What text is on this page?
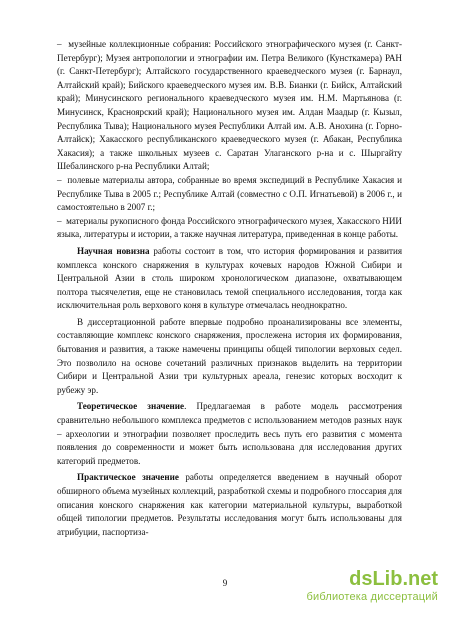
–  музейные коллекционные собрания: Российского этнографического музея (г. Санкт-Петербург); Музея антропологии и этнографии им. Петра Великого (Кунсткамера) РАН (г. Санкт-Петербург); Алтайского государственного краеведческого музея (г. Барнаул, Алтайский край); Бийского краеведческого музея им. В.В. Бианки (г. Бийск, Алтайский край); Минусинского регионального краеведческого музея им. Н.М. Мартьянова (г. Минусинск, Красноярский край); Национального музея им. Алдан Маадыр (г. Кызыл, Республика Тыва); Национального музея Республики Алтай им. А.В. Анохина (г. Горно-Алтайск); Хакасского республиканского краеведческого музея (г. Абакан, Республика Хакасия); а также школьных музеев с. Саратан Улаганского р-на и с. Шыргайту Шебалинского р-на Республики Алтай;

–  полевые материалы автора, собранные во время экспедиций в Республике Хакасия и Республике Тыва в 2005 г.; Республике Алтай (совместно с О.П. Игнатьевой) в 2006 г., и самостоятельно в 2007 г.;

–  материалы рукописного фонда Российского этнографического музея, Хакасского НИИ языка, литературы и истории, а также научная литература, приведенная в конце работы.

Научная новизна работы состоит в том, что история формирования и развития комплекса конского снаряжения в культурах кочевых народов Южной Сибири и Центральной Азии в столь широком хронологическом диапазоне, охватывающем полтора тысячелетия, еще не становилась темой специального исследования, тогда как исключительная роль верхового коня в культуре отмечалась неоднократно.

В диссертационной работе впервые подробно проанализированы все элементы, составляющие комплекс конского снаряжения, прослежена история их формирования, бытования и развития, а также намечены принципы общей типологии верховых седел. Это позволило на основе сочетаний различных признаков выделить на территории Сибири и Центральной Азии три культурных ареала, генезис которых восходит к рубежу эр.

Теоретическое значение. Предлагаемая в работе модель рассмотрения сравнительно небольшого комплекса предметов с использованием методов разных наук – археологии и этнографии позволяет проследить весь путь его развития с момента появления до современности и может быть использована для исследования других категорий предметов.

Практическое значение работы определяется введением в научный оборот обширного объема музейных коллекций, разработкой схемы и подробного глоссария для описания конского снаряжения как категории материальной культуры, выработкой общей типологии предметов. Результаты исследования могут быть использованы для атрибуции, паспортиза-

9	dsLib.net
библиотека диссертаций
